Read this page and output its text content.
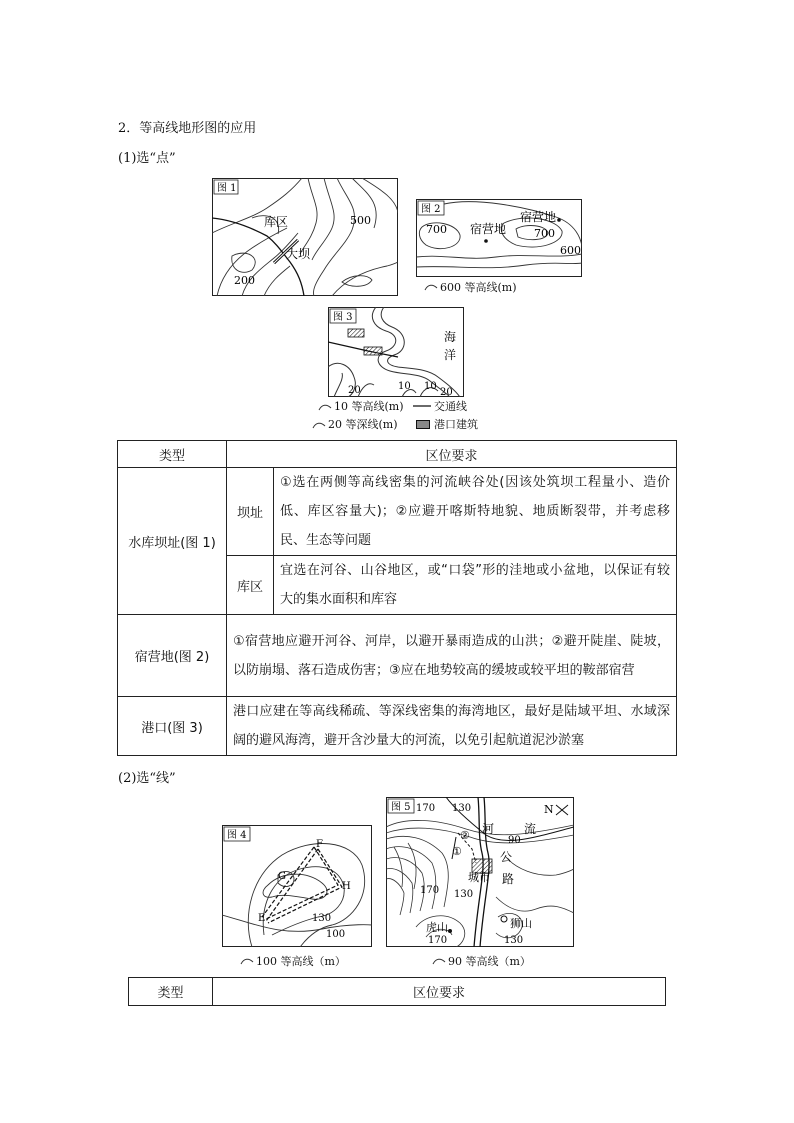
2．等高线地形图的应用
(1)选“点”
图 1
库区
大坝
500
200
图 2
700 宿营地
宿营地
700
600
600 等高线(m)
图 3
海
洋
20	10 10
20
10 等高线(m)	交通线
20 等深线(m)	港口建筑
类型	区位要求	
水库坝址(图 1)	坝址	①选在两侧等高线密集的河流峡谷处(因该处筑坝工程量小、造价低、库区容量大)；②应避开喀斯特地貌、地质断裂带，并考虑移民、生态等问题
	库区	宜选在河谷、山谷地区，或“口袋”形的洼地或小盆地，以保证有较大的集水面积和库容
宿营地(图 2)	①宿营地应避开河谷、河岸，以避开暴雨造成的山洪；②避开陡崖、陡坡，以防崩塌、落石造成伤害；③应在地势较高的缓坡或较平坦的鞍部宿营	
港口(图 3)	港口应建在等高线稀疏、等深线密集的海湾地区，最好是陆域平坦、水域深阔的避风海湾，避开含沙量大的河流，以免引起航道泥沙淤塞	
(2)选“线”
图 4
F
G
H
E	130
100
100 等高线（m）
图 5 170 130	N
河 流
90
公
路
②
①
城市
170 130
虎山	狮山
170	130
90 等高线（m）
类型	区位要求
